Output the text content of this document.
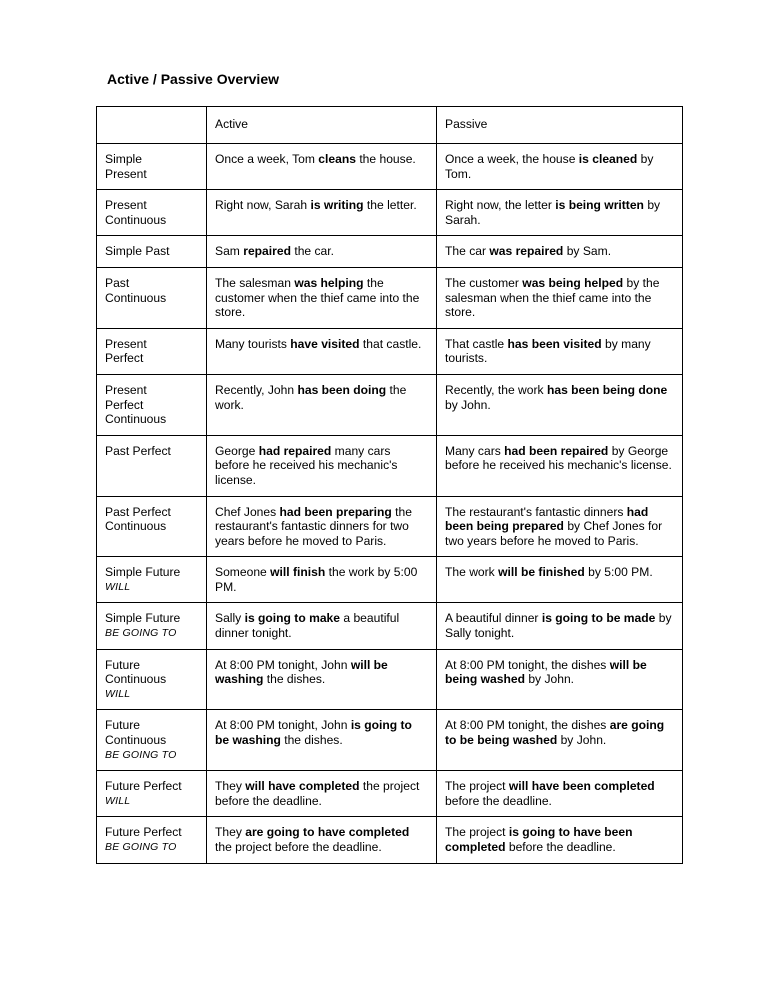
Active / Passive Overview
	Active	Passive

Simple
Present	Once a week, Tom cleans the house.	Once a week, the house is cleaned by Tom.

Present
Continuous	Right now, Sarah is writing the letter.	Right now, the letter is being written by Sarah.

Simple Past	Sam repaired the car.	The car was repaired by Sam.

Past
Continuous	The salesman was helping the customer when the thief came into the store.	The customer was being helped by the salesman when the thief came into the store.

Present
Perfect	Many tourists have visited that castle.	That castle has been visited by many tourists.

Present
Perfect
Continuous	Recently, John has been doing the work.	Recently, the work has been being done by John.

Past Perfect	George had repaired many cars before he received his mechanic's license.	Many cars had been repaired by George before he received his mechanic's license.

Past Perfect
Continuous	Chef Jones had been preparing the restaurant's fantastic dinners for two years before he moved to Paris.	The restaurant's fantastic dinners had been being prepared by Chef Jones for two years before he moved to Paris.

Simple Future
WILL	Someone will finish the work by 5:00 PM.	The work will be finished by 5:00 PM.

Simple Future
BE GOING TO	Sally is going to make a beautiful dinner tonight.	A beautiful dinner is going to be made by Sally tonight.

Future
Continuous
WILL	At 8:00 PM tonight, John will be washing the dishes.	At 8:00 PM tonight, the dishes will be being washed by John.

Future
Continuous
BE GOING TO	At 8:00 PM tonight, John is going to be washing the dishes.	At 8:00 PM tonight, the dishes are going to be being washed by John.

Future Perfect
WILL	They will have completed the project before the deadline.	The project will have been completed before the deadline.

Future Perfect
BE GOING TO	They are going to have completed the project before the deadline.	The project is going to have been completed before the deadline.
